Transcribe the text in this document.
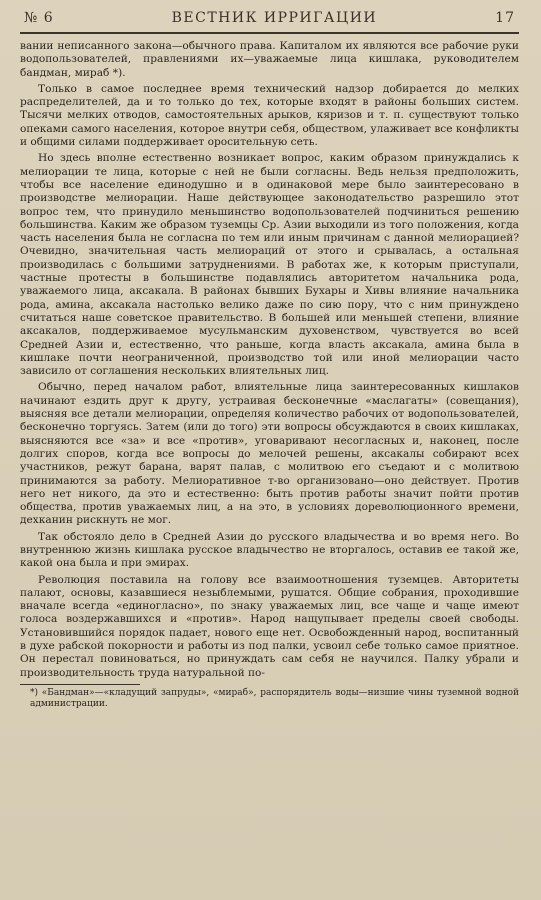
№ 6	ВЕСТНИК ИРРИГАЦИИ	17

вании неписанного закона—обычного права. Капиталом их являются все рабочие руки водопользователей, правлениями их—уважаемые лица кишлака, руководителем бандман, мираб *).

Только в самое последнее время технический надзор добирается до мелких распределителей, да и то только до тех, которые входят в районы больших систем. Тысячи мелких отводов, самостоятельных арыков, кяризов и т. п. существуют только опеками самого населения, которое внутри себя, обществом, улаживает все конфликты и общими силами поддерживает оросительную сеть.

Но здесь вполне естественно возникает вопрос, каким образом принуждались к мелиорации те лица, которые с ней не были согласны. Ведь нельзя предположить, чтобы все население единодушно и в одинаковой мере было заинтересовано в производстве мелиорации. Наше действующее законодательство разрешило этот вопрос тем, что принудило меньшинство водопользователей подчиниться решению большинства. Каким же образом туземцы Ср. Азии выходили из того положения, когда часть населения была не согласна по тем или иным причинам с данной мелиорацией? Очевидно, значительная часть мелиораций от этого и срывалась, а остальная производилась с большими затруднениями. В работах же, к которым приступали, частные протесты в большинстве подавлялись авторитетом начальника рода, уважаемого лица, аксакала. В районах бывших Бухары и Хивы влияние начальника рода, амина, аксакала настолько велико даже по сию пору, что с ним принуждено считаться наше советское правительство. В большей или меньшей степени, влияние аксакалов, поддерживаемое мусульманским духовенством, чувствуется во всей Средней Азии и, естественно, что раньше, когда власть аксакала, амина была в кишлаке почти неограниченной, производство той или иной мелиорации часто зависило от соглашения нескольких влиятельных лиц.

Обычно, перед началом работ, влиятельные лица заинтересованных кишлаков начинают ездить друг к другу, устраивая бесконечные «маслагаты» (совещания), выясняя все детали мелиорации, определяя количество рабочих от водопользователей, бесконечно торгуясь. Затем (или до того) эти вопросы обсуждаются в своих кишлаках, выясняются все «за» и все «против», уговаривают несогласных и, наконец, после долгих споров, когда все вопросы до мелочей решены, аксакалы собирают всех участников, режут барана, варят палав, с молитвою его съедают и с молитвою принимаются за работу. Мелиоративное т-во организовано—оно действует. Против него нет никого, да это и естественно: быть против работы значит пойти против общества, против уважаемых лиц, а на это, в условиях дореволюционного времени, дехканин рискнуть не мог.

Так обстояло дело в Средней Азии до русского владычества и во время него. Во внутреннюю жизнь кишлака русское владычество не вторгалось, оставив ее такой же, какой она была и при эмирах.

Революция поставила на голову все взаимоотношения туземцев. Авторитеты палают, основы, казавшиеся незыблемыми, рушатся. Общие собрания, проходившие вначале всегда «единогласно», по знаку уважаемых лиц, все чаще и чаще имеют голоса воздержавшихся и «против». Народ нащупывает пределы своей свободы. Установившийся порядок падает, нового еще нет. Освобожденный народ, воспитанный в духе рабской покорности и работы из под палки, усвоил себе только самое приятное. Он перестал повиноваться, но принуждать сам себя не научился. Палку убрали и производительность труда натуральной по-

*) «Бандман»—«кладущий запруды», «мираб», распорядитель воды—низшие чины туземной водной администрации.
